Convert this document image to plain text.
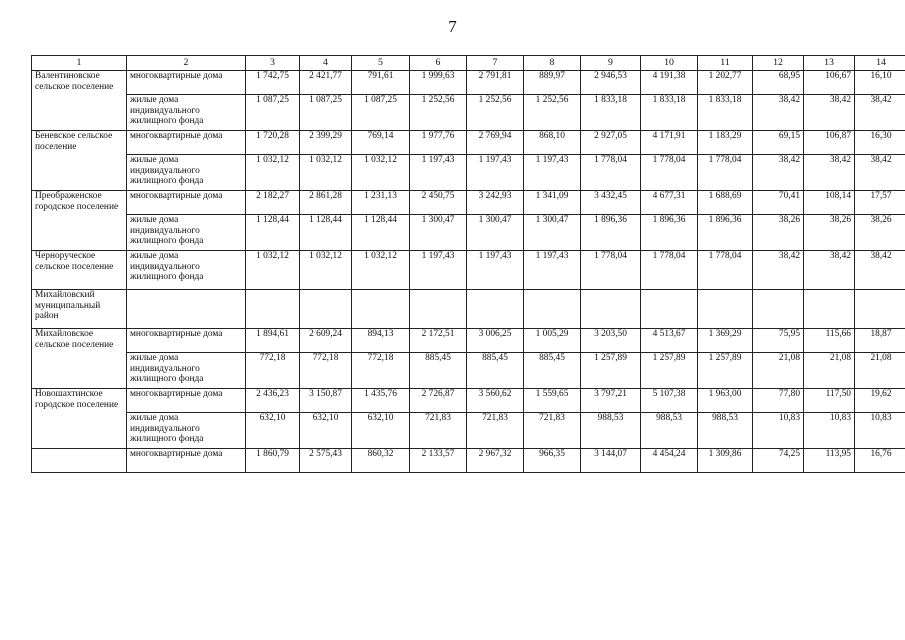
7
1	2	3	4	5	6	7	8	9	10	11	12	13	14
Валентиновское сельское поселение	многоквартирные дома	1 742,75	2 421,77	791,61	1 999,63	2 791,81	889,97	2 946,53	4 191,38	1 202,77	68,95	106,67	16,10
	жилые дома индивидуального жилищного фонда	1 087,25	1 087,25	1 087,25	1 252,56	1 252,56	1 252,56	1 833,18	1 833,18	1 833,18	38,42	38,42	38,42
Беневское сельское поселение	многоквартирные дома	1 720,28	2 399,29	769,14	1 977,76	2 769,94	868,10	2 927,05	4 171,91	1 183,29	69,15	106,87	16,30
	жилые дома индивидуального жилищного фонда	1 032,12	1 032,12	1 032,12	1 197,43	1 197,43	1 197,43	1 778,04	1 778,04	1 778,04	38,42	38,42	38,42
Преображенское городское поселение	многоквартирные дома	2 182,27	2 861,28	1 231,13	2 450,75	3 242,93	1 341,09	3 432,45	4 677,31	1 688,69	70,41	108,14	17,57
	жилые дома индивидуального жилищного фонда	1 128,44	1 128,44	1 128,44	1 300,47	1 300,47	1 300,47	1 896,36	1 896,36	1 896,36	38,26	38,26	38,26
Черноруческое сельское поселение	жилые дома индивидуального жилищного фонда	1 032,12	1 032,12	1 032,12	1 197,43	1 197,43	1 197,43	1 778,04	1 778,04	1 778,04	38,42	38,42	38,42
Михайловский муниципальный район													
Михайловское сельское поселение	многоквартирные дома	1 894,61	2 609,24	894,13	2 172,51	3 006,25	1 005,29	3 203,50	4 513,67	1 369,29	75,95	115,66	18,87
	жилые дома индивидуального жилищного фонда	772,18	772,18	772,18	885,45	885,45	885,45	1 257,89	1 257,89	1 257,89	21,08	21,08	21,08
Новошахтинское городское поселение	многоквартирные дома	2 436,23	3 150,87	1 435,76	2 726,87	3 560,62	1 559,65	3 797,21	5 107,38	1 963,00	77,80	117,50	19,62
	жилые дома индивидуального жилищного фонда	632,10	632,10	632,10	721,83	721,83	721,83	988,53	988,53	988,53	10,83	10,83	10,83
	многоквартирные дома	1 860,79	2 575,43	860,32	2 133,57	2 967,32	966,35	3 144,07	4 454,24	1 309,86	74,25	113,95	16,76
